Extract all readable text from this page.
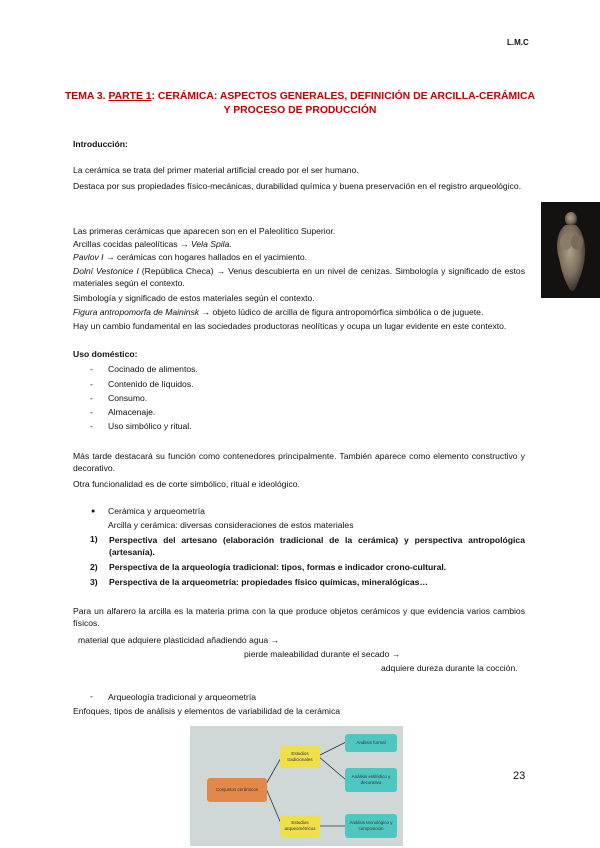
L.M.C
TEMA 3. PARTE 1: CERÁMICA: ASPECTOS GENERALES, DEFINICIÓN DE ARCILLA-CERÁMICA
Y PROCESO DE PRODUCCIÓN
Introducción:
La cerámica se trata del primer material artificial creado por el ser humano.
Destaca por sus propiedades físico-mecánicas, durabilidad química y buena preservación en el registro arqueológico.
Las primeras cerámicas que aparecen son en el Paleolítico Superior.
Arcillas cocidas paleolíticas → Vela Spila.
Pavlov I → cerámicas con hogares hallados en el yacimiento.
Dolní Vestonice I (República Checa) → Venus descubierta en un nivel de cenizas. Simbología y significado de estos materiales según el contexto.
Simbología y significado de estos materiales según el contexto.
Figura antropomorfa de Maininsk → objeto lúdico de arcilla de figura antropomórfica simbólica o de juguete.
Hay un cambio fundamental en las sociedades productoras neolíticas y ocupa un lugar evidente en este contexto.
Uso doméstico:
- Cocinado de alimentos.
- Contenido de líquidos.
- Consumo.
- Almacenaje.
- Uso simbólico y ritual.
Más tarde destacará su función como contenedores principalmente. También aparece como elemento constructivo y decorativo.
Otra funcionalidad es de corte simbólico, ritual e ideológico.
● Cerámica y arqueometría
Arcilla y cerámica: diversas consideraciones de estos materiales
1) Perspectiva del artesano (elaboración tradicional de la cerámica) y perspectiva antropológica (artesanía).
2) Perspectiva de la arqueología tradicional: tipos, formas e indicador crono-cultural.
3) Perspectiva de la arqueometría: propiedades físico químicas, mineralógicas…
Para un alfarero la arcilla es la materia prima con la que produce objetos cerámicos y que evidencia varios cambios físicos.
material que adquiere plasticidad añadiendo agua →
pierde maleabilidad durante el secado →
adquiere dureza durante la cocción.
- Arqueología tradicional y arqueometría
Enfoques, tipos de análisis y elementos de variabilidad de la cerámica
Conjuntos cerámicos
Estudios tradicionales
Estudios arqueométricos
Análisis formal
Análisis estilístico y decorativo
Análisis tecnológico y composición
23
